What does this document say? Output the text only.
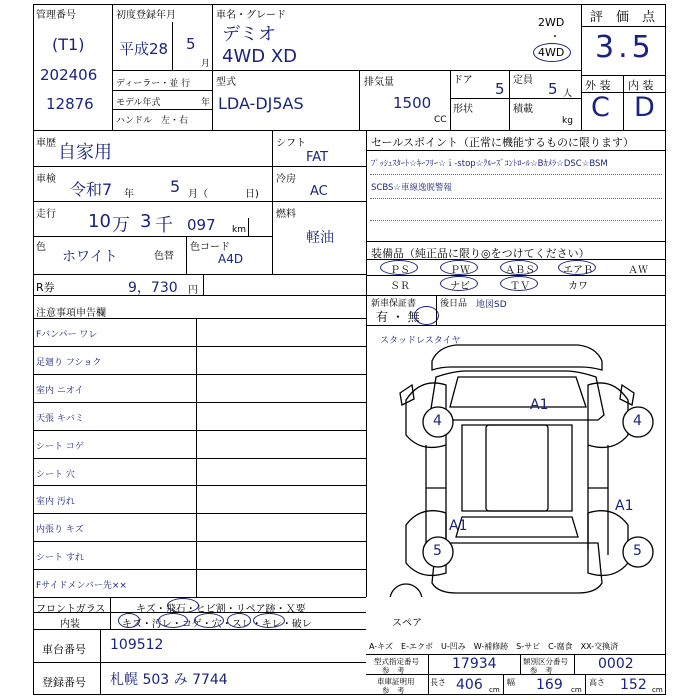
管理番号
(T1)
202406
12876
初度登録年月
平成28 5
月
車名・グレード
デミオ
4WD XD
2WD
・
4WD
ディーラー・並 行
モデル年式	年
ハンドル　左・右
型式
LDA-DJ5AS
排気量
1500
CC
ドア 5
形状
定員 5 人
積載
kg
評　価　点
3.5
外 装 内 装
C D
車歴 自家用
車検
令和7 年 5 月（	日)
走行 10 万 3 千 097 km
色
ホワイト	色替
色コード
A4D
R券	9，730 円
シフト
FAT
冷房
AC
燃料
軽油
セールスポイント（正常に機能するものに限ります）
ﾌﾟｯｼｭｽﾀｰﾄ☆ｷｰﾌﾘｰ☆ｉ-stop☆ｸﾙｰｽﾞｺﾝﾄﾛｰﾙ☆Bｶﾒﾗ☆DSC☆BSM
SCBS☆車線逸脱警報
装備品（純正品に限り◎をつけてください）
新車保証書
有 ・ 無
後日品 地図SD
注意事項申告欄
スタッドレスタイヤ
A1
4	4
A1
A1
5	5
スペア
フロントガラス	キズ・飛石・ヒビ割・リペア跡・Ｘ要
内装	キズ・汚レ・コゲ・穴・スレ・キレ・破レ
車台番号 109512
登録番号 札幌 503 み 7744
A-キズ　E-エクボ　U-凹み　W-補修跡　S-サビ　C-腐食　XX-交換済
型式指定番号
参　考	17934	類別区分番号
参　考	0002
車庫証明用
参　考
長さ 406 cm
幅 169 cm
高さ 152 cm
ＰＳ	ＰＷ	ＡＢＳ	エアＢ	ＡＷ
ＳＲ	ナビ	ＴＶ	カワ
Fバンパー ワレ
足廻り フショク
室内 ニオイ
天張 キバミ
シート コゲ
シート 穴
室内 汚れ
内張り キズ
シート すれ
Fサイドメンバー先××
